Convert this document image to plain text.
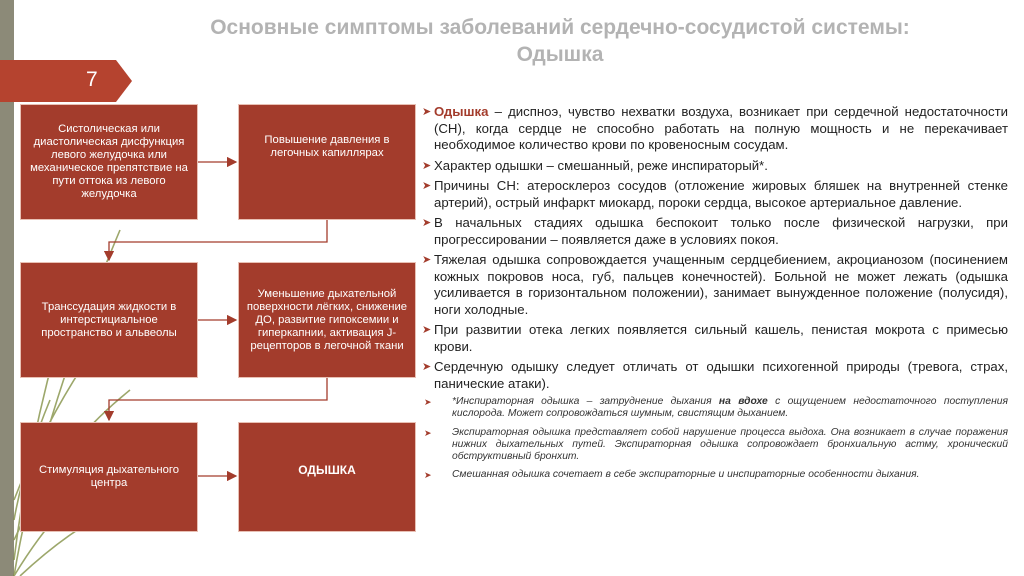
Основные симптомы заболеваний сердечно-сосудистой системы:
Одышка
7
Систолическая или диастолическая дисфункция левого желудочка или механическое препятствие на пути оттока из левого желудочка
Повышение давления в легочных капиллярах
Транссудация жидкости в интерстициальное пространство и альвеолы
Уменьшение дыхательной поверхности лёгких, снижение ДО, развитие гипоксемии и гиперкапнии, активация J-рецепторов в легочной ткани
Стимуляция дыхательного центра
ОДЫШКА
➤ Одышка – диспноэ, чувство нехватки воздуха, возникает при сердечной недостаточности (СН), когда сердце не способно работать на полную мощность и не перекачивает необходимое количество крови по кровеносным сосудам.
➤ Характер одышки – смешанный, реже инспираторый*.
➤ Причины СН: атеросклероз сосудов (отложение жировых бляшек на внутренней стенке артерий), острый инфаркт миокард, пороки сердца, высокое артериальное давление.
➤ В начальных стадиях одышка беспокоит только после физической нагрузки, при прогрессировании – появляется даже в условиях покоя.
➤ Тяжелая одышка сопровождается учащенным сердцебиением, акроцианозом (посинением кожных покровов носа, губ, пальцев конечностей). Больной не может лежать (одышка усиливается в горизонтальном положении), занимает вынужденное положение (полусидя), ноги холодные.
➤ При развитии отека легких появляется сильный кашель, пенистая мокрота с примесью крови.
➤ Сердечную одышку следует отличать от одышки психогенной природы (тревога, страх, панические атаки).
➤ *Инспираторная одышка – затруднение дыхания на вдохе с ощущением недостаточного поступления кислорода. Может сопровождаться шумным, свистящим дыханием.
➤ Экспираторная одышка представляет собой нарушение процесса выдоха. Она возникает в случае поражения нижних дыхательных путей. Экспираторная одышка сопровождает бронхиальную астму, хронический обструктивный бронхит.
➤ Смешанная одышка сочетает в себе экспираторные и инспираторные особенности дыхания.
